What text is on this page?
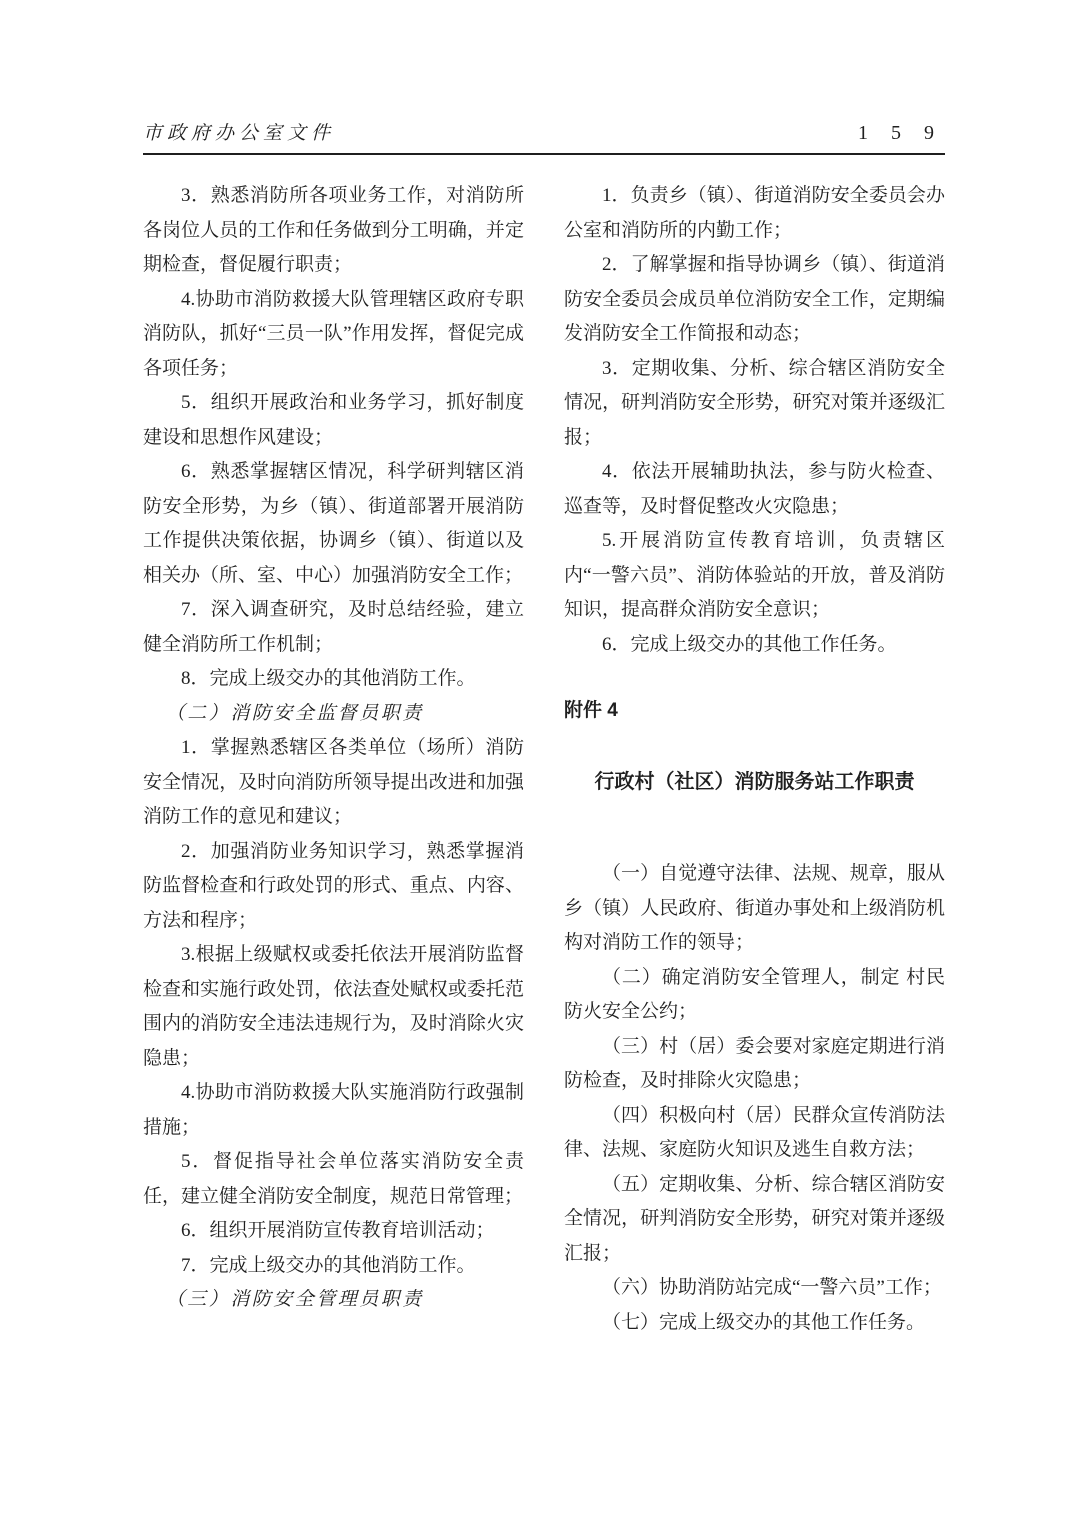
市政府办公室文件	1 5 9

3．熟悉消防所各项业务工作，对消防所各岗位人员的工作和任务做到分工明确，并定期检查，督促履行职责；

4.协助市消防救援大队管理辖区政府专职消防队，抓好“三员一队”作用发挥，督促完成各项任务；

5．组织开展政治和业务学习，抓好制度建设和思想作风建设；

6．熟悉掌握辖区情况，科学研判辖区消防安全形势，为乡（镇）、街道部署开展消防工作提供决策依据，协调乡（镇）、街道以及相关办（所、室、中心）加强消防安全工作；

7．深入调查研究，及时总结经验，建立健全消防所工作机制；

8．完成上级交办的其他消防工作。

（二）消防安全监督员职责

1．掌握熟悉辖区各类单位（场所）消防安全情况，及时向消防所领导提出改进和加强消防工作的意见和建议；

2．加强消防业务知识学习，熟悉掌握消防监督检查和行政处罚的形式、重点、内容、方法和程序；

3.根据上级赋权或委托依法开展消防监督检查和实施行政处罚，依法查处赋权或委托范围内的消防安全违法违规行为，及时消除火灾隐患；

4.协助市消防救援大队实施消防行政强制措施；

5．督促指导社会单位落实消防安全责任，建立健全消防安全制度，规范日常管理；

6．组织开展消防宣传教育培训活动；

7．完成上级交办的其他消防工作。

（三）消防安全管理员职责

1．负责乡（镇）、街道消防安全委员会办公室和消防所的内勤工作；

2．了解掌握和指导协调乡（镇）、街道消防安全委员会成员单位消防安全工作，定期编发消防安全工作简报和动态；

3．定期收集、分析、综合辖区消防安全情况，研判消防安全形势，研究对策并逐级汇报；

4．依法开展辅助执法，参与防火检查、巡查等，及时督促整改火灾隐患；

5.开展消防宣传教育培训，负责辖区内“一警六员”、消防体验站的开放，普及消防知识，提高群众消防安全意识；

6．完成上级交办的其他工作任务。

附件 4

行政村（社区）消防服务站工作职责

（一）自觉遵守法律、法规、规章，服从乡（镇）人民政府、街道办事处和上级消防机构对消防工作的领导；

（二）确定消防安全管理人，制定 村民防火安全公约；

（三）村（居）委会要对家庭定期进行消防检查，及时排除火灾隐患；

（四）积极向村（居）民群众宣传消防法律、法规、家庭防火知识及逃生自救方法；

（五）定期收集、分析、综合辖区消防安全情况，研判消防安全形势，研究对策并逐级汇报；

（六）协助消防站完成“一警六员”工作；

（七）完成上级交办的其他工作任务。
